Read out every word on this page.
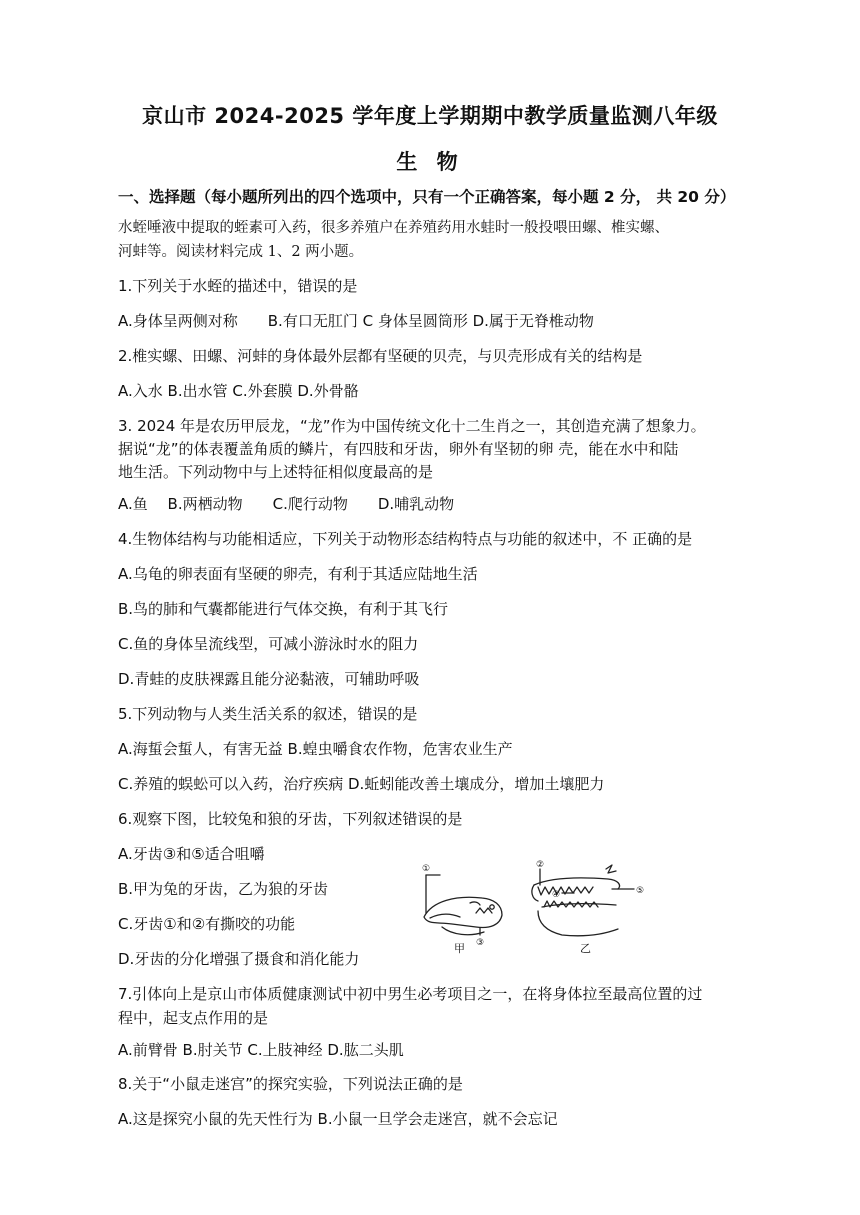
京山市 2024-2025 学年度上学期期中教学质量监测八年级
生 物
一、选择题（每小题所列出的四个选项中，只有一个正确答案，每小题 2 分， 共 20 分）
水蛭唾液中提取的蛭素可入药，很多养殖户在养殖药用水蛙时一般投喂田螺、椎实螺、
河蚌等。阅读材料完成 1、2 两小题。
1.下列关于水蛭的描述中，错误的是
A.身体呈两侧对称　　B.有口无肛门 C 身体呈圆筒形 D.属于无脊椎动物
2.椎实螺、田螺、河蚌的身体最外层都有坚硬的贝壳，与贝壳形成有关的结构是
A.入水 B.出水管 C.外套膜 D.外骨骼
3. 2024 年是农历甲辰龙，“龙”作为中国传统文化十二生肖之一，其创造充满了想象力。
据说“龙”的体表覆盖角质的鳞片，有四肢和牙齿，卵外有坚韧的卵 壳，能在水中和陆
地生活。下列动物中与上述特征相似度最高的是
A.鱼　 B.两栖动物　　C.爬行动物　　D.哺乳动物
4.生物体结构与功能相适应，下列关于动物形态结构特点与功能的叙述中，不 正确的是
A.乌龟的卵表面有坚硬的卵壳，有利于其适应陆地生活
B.鸟的肺和气囊都能进行气体交换，有利于其飞行
C.鱼的身体呈流线型，可减小游泳时水的阻力
D.青蛙的皮肤裸露且能分泌黏液，可辅助呼吸
5.下列动物与人类生活关系的叙述，错误的是
A.海蜇会蜇人，有害无益 B.蝗虫嚼食农作物，危害农业生产
C.养殖的蜈蚣可以入药，治疗疾病 D.蚯蚓能改善土壤成分，增加土壤肥力
6.观察下图，比较兔和狼的牙齿，下列叙述错误的是
A.牙齿③和⑤适合咀嚼
B.甲为兔的牙齿，乙为狼的牙齿
C.牙齿①和②有撕咬的功能
D.牙齿的分化增强了摄食和消化能力
①
③
②
④	⑤
甲	乙
7.引体向上是京山市体质健康测试中初中男生必考项目之一，在将身体拉至最高位置的过
程中，起支点作用的是
A.前臂骨 B.肘关节 C.上肢神经 D.肱二头肌
8.关于“小鼠走迷宫”的探究实验，下列说法正确的是
A.这是探究小鼠的先天性行为 B.小鼠一旦学会走迷宫，就不会忘记
